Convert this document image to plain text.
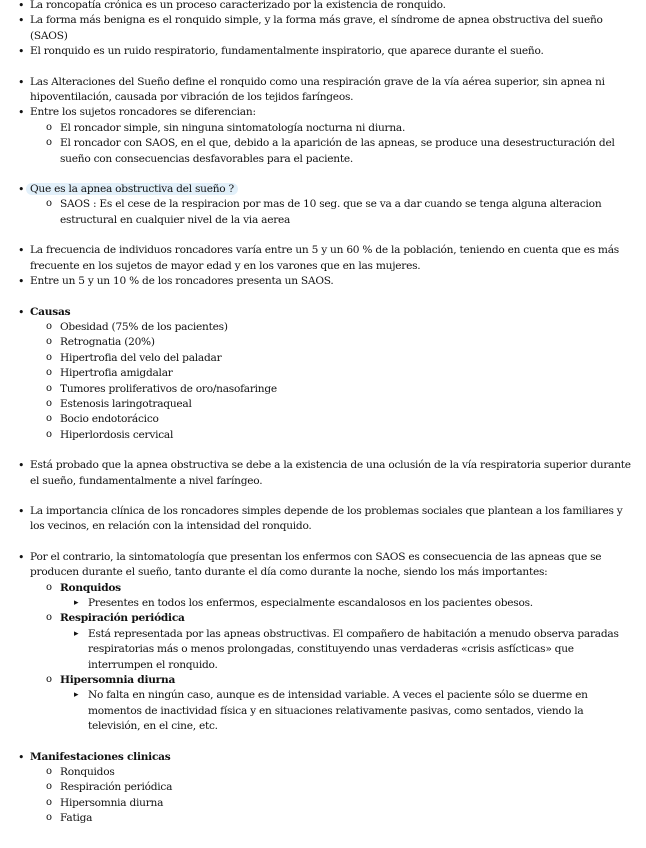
• La roncopatía crónica es un proceso caracterizado por la existencia de ronquido.
• La forma más benigna es el ronquido simple, y la forma más grave, el síndrome de apnea obstructiva del sueño (SAOS)
• El ronquido es un ruido respiratorio, fundamentalmente inspiratorio, que aparece durante el sueño.
• Las Alteraciones del Sueño define el ronquido como una respiración grave de la vía aérea superior, sin apnea ni hipoventilación, causada por vibración de los tejidos faríngeos.
• Entre los sujetos roncadores se diferencian:
o El roncador simple, sin ninguna sintomatología nocturna ni diurna.
o El roncador con SAOS, en el que, debido a la aparición de las apneas, se produce una desestructuración del sueño con consecuencias desfavorables para el paciente.
• Que es la apnea obstructiva del sueño ?
o SAOS : Es el cese de la respiracion por mas de 10 seg. que se va a dar cuando se tenga alguna alteracion estructural en cualquier nivel de la via aerea
• La frecuencia de individuos roncadores varía entre un 5 y un 60 % de la población, teniendo en cuenta que es más frecuente en los sujetos de mayor edad y en los varones que en las mujeres.
• Entre un 5 y un 10 % de los roncadores presenta un SAOS.
• Causas
o Obesidad (75% de los pacientes)
o Retrognatia (20%)
o Hipertrofia del velo del paladar
o Hipertrofia amigdalar
o Tumores proliferativos de oro/nasofaringe
o Estenosis laringotraqueal
o Bocio endotorácico
o Hiperlordosis cervical
• Está probado que la apnea obstructiva se debe a la existencia de una oclusión de la vía respiratoria superior durante el sueño, fundamentalmente a nivel faríngeo.
• La importancia clínica de los roncadores simples depende de los problemas sociales que plantean a los familiares y los vecinos, en relación con la intensidad del ronquido.
• Por el contrario, la sintomatología que presentan los enfermos con SAOS es consecuencia de las apneas que se producen durante el sueño, tanto durante el día como durante la noche, siendo los más importantes:
o Ronquidos
▸ Presentes en todos los enfermos, especialmente escandalosos en los pacientes obesos.
o Respiración periódica
▸ Está representada por las apneas obstructivas. El compañero de habitación a menudo observa paradas respiratorias más o menos prolongadas, constituyendo unas verdaderas «crisis asfícticas» que interrumpen el ronquido.
o Hipersomnia diurna
▸ No falta en ningún caso, aunque es de intensidad variable. A veces el paciente sólo se duerme en momentos de inactividad física y en situaciones relativamente pasivas, como sentados, viendo la televisión, en el cine, etc.
• Manifestaciones clinicas
o Ronquidos
o Respiración periódica
o Hipersomnia diurna
o Fatiga
